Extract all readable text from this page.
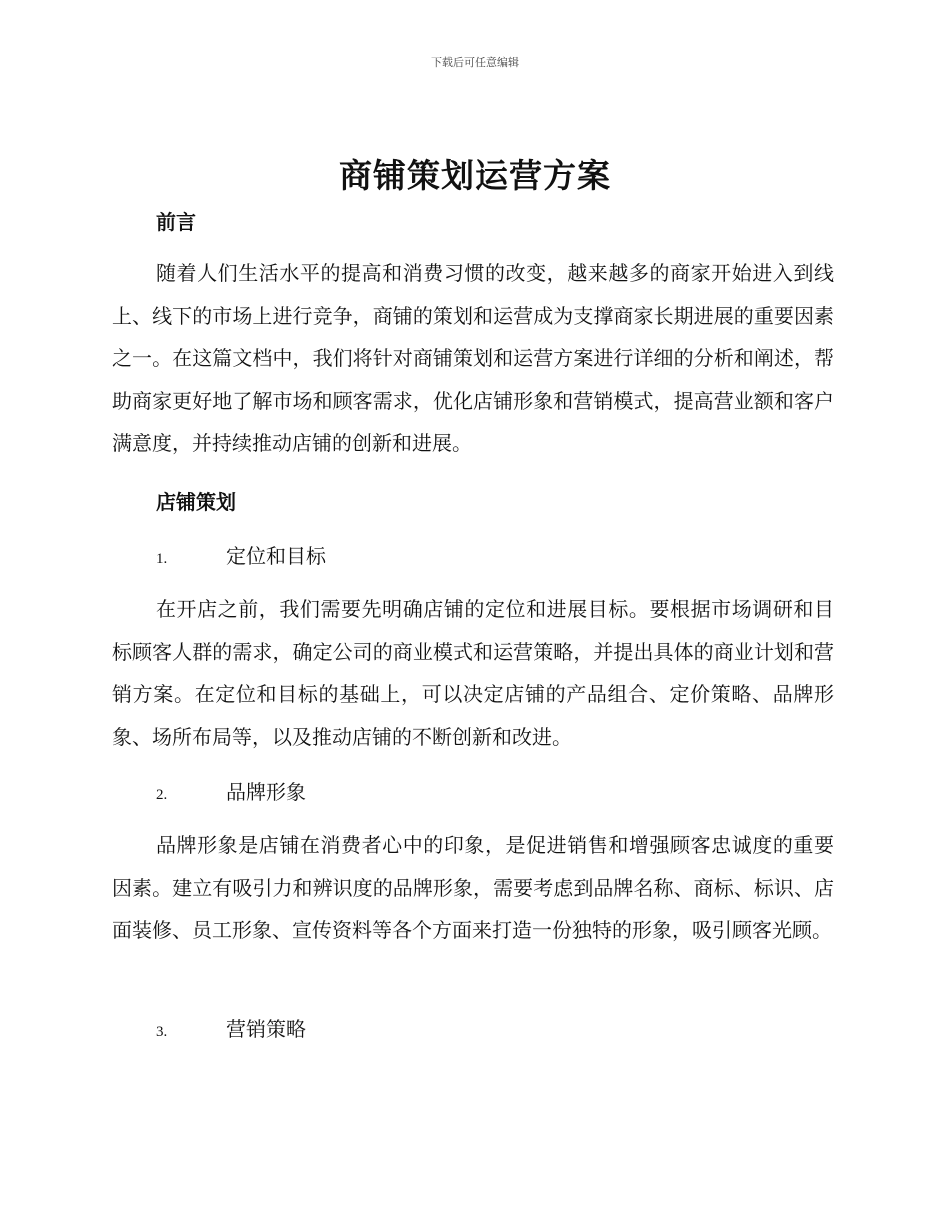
下载后可任意编辑
商铺策划运营方案
前言
随着人们生活水平的提高和消费习惯的改变，越来越多的商家开始进入到线上、线下的市场上进行竞争，商铺的策划和运营成为支撑商家长期进展的重要因素之一。在这篇文档中，我们将针对商铺策划和运营方案进行详细的分析和阐述，帮助商家更好地了解市场和顾客需求，优化店铺形象和营销模式，提高营业额和客户满意度，并持续推动店铺的创新和进展。
店铺策划
1.	定位和目标
在开店之前，我们需要先明确店铺的定位和进展目标。要根据市场调研和目标顾客人群的需求，确定公司的商业模式和运营策略，并提出具体的商业计划和营销方案。在定位和目标的基础上，可以决定店铺的产品组合、定价策略、品牌形象、场所布局等，以及推动店铺的不断创新和改进。
2.	品牌形象
品牌形象是店铺在消费者心中的印象，是促进销售和增强顾客忠诚度的重要因素。建立有吸引力和辨识度的品牌形象，需要考虑到品牌名称、商标、标识、店面装修、员工形象、宣传资料等各个方面来打造一份独特的形象，吸引顾客光顾。
3.	营销策略
